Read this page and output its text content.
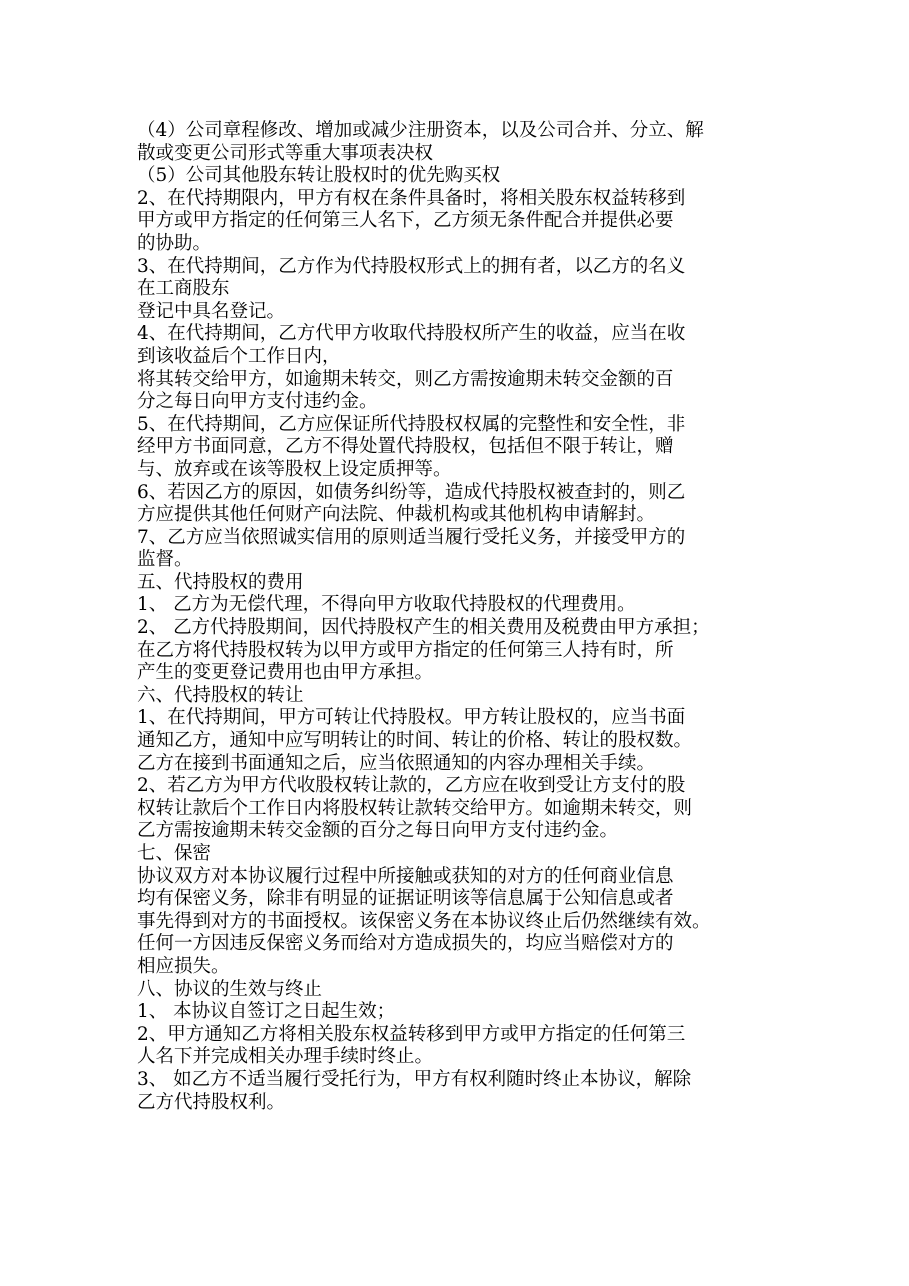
（4）公司章程修改、增加或减少注册资本，以及公司合并、分立、解
散或变更公司形式等重大事项表决权
（5）公司其他股东转让股权时的优先购买权
2、在代持期限内，甲方有权在条件具备时，将相关股东权益转移到
甲方或甲方指定的任何第三人名下，乙方须无条件配合并提供必要
的协助。
3、在代持期间，乙方作为代持股权形式上的拥有者，以乙方的名义
在工商股东
登记中具名登记。
4、在代持期间，乙方代甲方收取代持股权所产生的收益，应当在收
到该收益后个工作日内，
将其转交给甲方，如逾期未转交，则乙方需按逾期未转交金额的百
分之每日向甲方支付违约金。
5、在代持期间，乙方应保证所代持股权权属的完整性和安全性，非
经甲方书面同意，乙方不得处置代持股权，包括但不限于转让，赠
与、放弃或在该等股权上设定质押等。
6、若因乙方的原因，如债务纠纷等，造成代持股权被查封的，则乙
方应提供其他任何财产向法院、仲裁机构或其他机构申请解封。
7、乙方应当依照诚实信用的原则适当履行受托义务，并接受甲方的
监督。
五、代持股权的费用
1、 乙方为无偿代理，不得向甲方收取代持股权的代理费用。
2、 乙方代持股期间，因代持股权产生的相关费用及税费由甲方承担；
在乙方将代持股权转为以甲方或甲方指定的任何第三人持有时，所
产生的变更登记费用也由甲方承担。
六、代持股权的转让
1、在代持期间，甲方可转让代持股权。甲方转让股权的，应当书面
通知乙方，通知中应写明转让的时间、转让的价格、转让的股权数。
乙方在接到书面通知之后，应当依照通知的内容办理相关手续。
2、若乙方为甲方代收股权转让款的，乙方应在收到受让方支付的股
权转让款后个工作日内将股权转让款转交给甲方。如逾期未转交，则
乙方需按逾期未转交金额的百分之每日向甲方支付违约金。
七、保密
协议双方对本协议履行过程中所接触或获知的对方的任何商业信息
均有保密义务，除非有明显的证据证明该等信息属于公知信息或者
事先得到对方的书面授权。该保密义务在本协议终止后仍然继续有效。
任何一方因违反保密义务而给对方造成损失的，均应当赔偿对方的
相应损失。
八、协议的生效与终止
1、 本协议自签订之日起生效；
2、甲方通知乙方将相关股东权益转移到甲方或甲方指定的任何第三
人名下并完成相关办理手续时终止。
3、 如乙方不适当履行受托行为，甲方有权利随时终止本协议，解除
乙方代持股权利。
